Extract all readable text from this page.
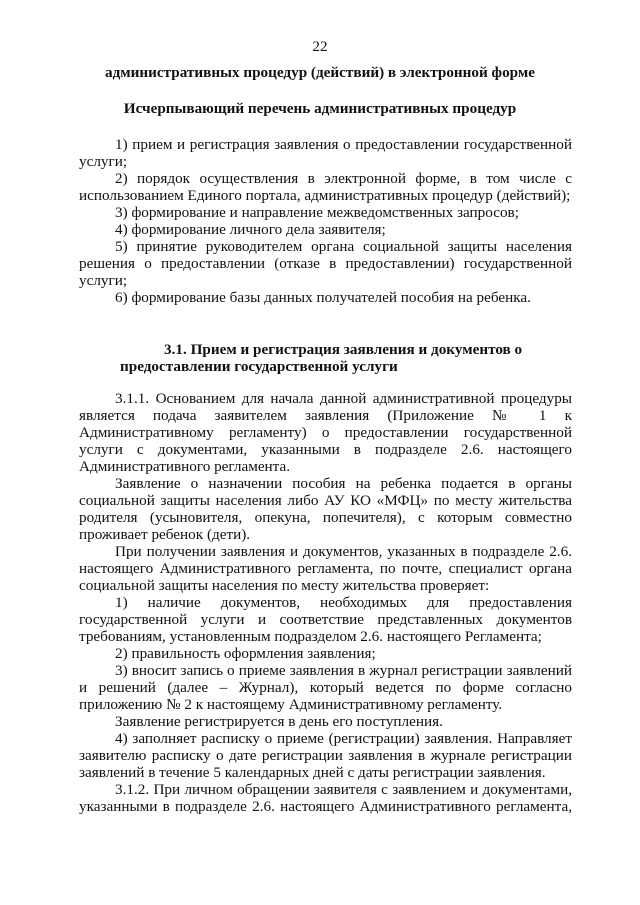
22
административных процедур (действий) в электронной форме
Исчерпывающий перечень административных процедур

1) прием и регистрация заявления о предоставлении государственной услуги;

2) порядок осуществления в электронной форме, в том числе с использованием Единого портала, административных процедур (действий);

3) формирование и направление межведомственных запросов;

4) формирование личного дела заявителя;

5) принятие руководителем органа социальной защиты населения решения о предоставлении (отказе в предоставлении) государственной услуги;

6) формирование базы данных получателей пособия на ребенка.

3.1. Прием и регистрация заявления и документов о
предоставлении государственной услуги

3.1.1. Основанием для начала данной административной процедуры является подача заявителем заявления (Приложение № 1 к Административному регламенту) о предоставлении государственной услуги с документами, указанными в подразделе 2.6. настоящего Административного регламента.

Заявление о назначении пособия на ребенка подается в органы социальной защиты населения либо АУ КО «МФЦ» по месту жительства родителя (усыновителя, опекуна, попечителя), с которым совместно проживает ребенок (дети).

При получении заявления и документов, указанных в подразделе 2.6. настоящего Административного регламента, по почте, специалист органа социальной защиты населения по месту жительства проверяет:

1) наличие документов, необходимых для предоставления государственной услуги и соответствие представленных документов требованиям, установленным подразделом 2.6. настоящего Регламента;

2) правильность оформления заявления;

3) вносит запись о приеме заявления в журнал регистрации заявлений и решений (далее – Журнал), который ведется по форме согласно приложению № 2 к настоящему Административному регламенту.

Заявление регистрируется в день его поступления.

4) заполняет расписку о приеме (регистрации) заявления. Направляет заявителю расписку о дате регистрации заявления в журнале регистрации заявлений в течение 5 календарных дней с даты регистрации заявления.

3.1.2. При личном обращении заявителя с заявлением и документами, указанными в подразделе 2.6. настоящего Административного регламента,
